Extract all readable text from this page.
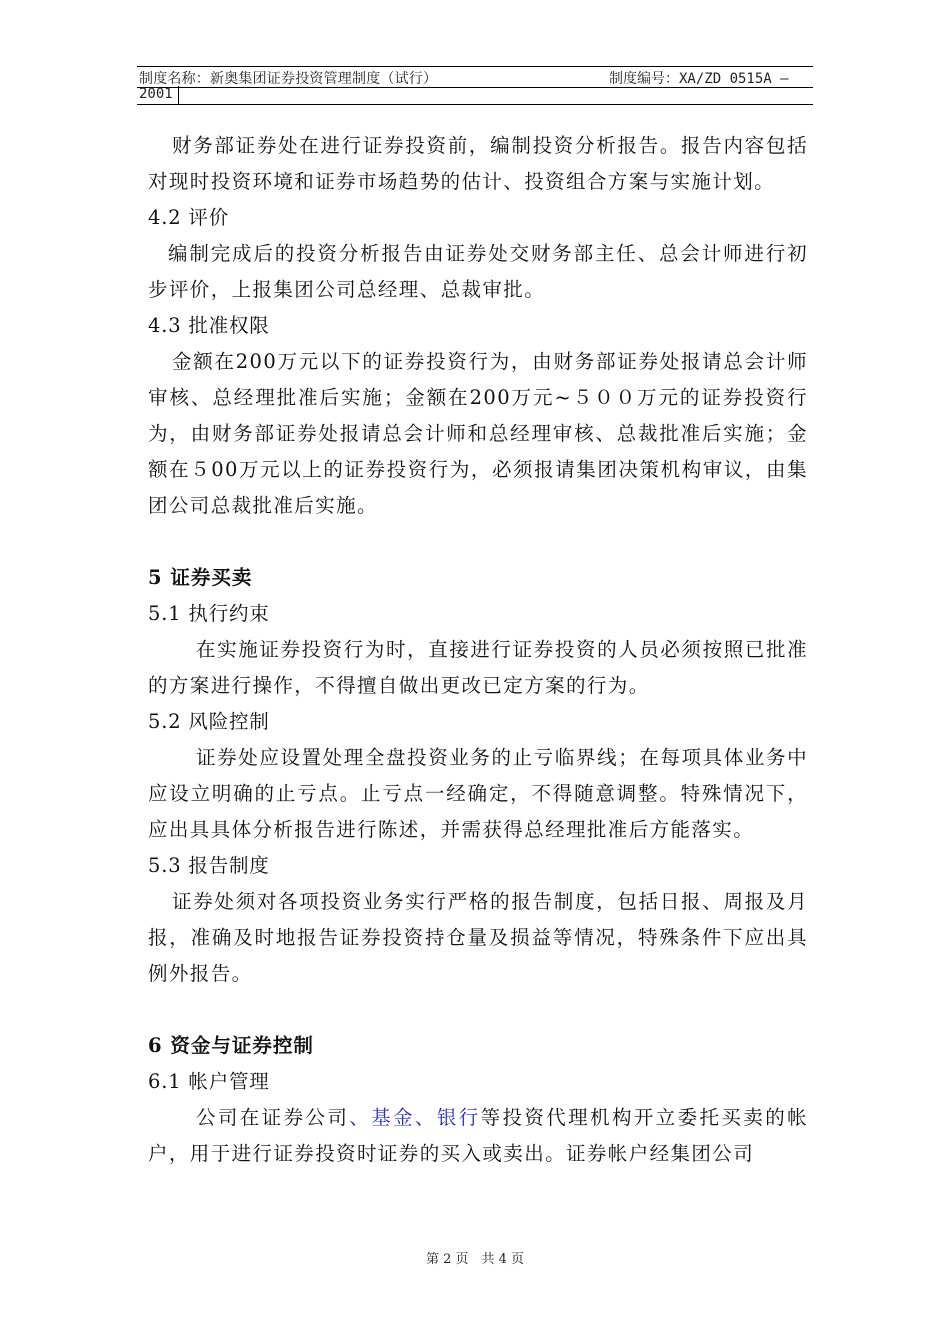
制度名称：新奥集团证券投资管理制度（试行）	制度编号：XA/ZD 0515A —
2001

财务部证券处在进行证券投资前，编制投资分析报告。报告内容包括对现时投资环境和证券市场趋势的估计、投资组合方案与实施计划。

4.2 评价

编制完成后的投资分析报告由证券处交财务部主任、总会计师进行初步评价，上报集团公司总经理、总裁审批。

4.3 批准权限

金额在200万元以下的证券投资行为，由财务部证券处报请总会计师审核、总经理批准后实施；金额在200万元~５００万元的证券投资行为，由财务部证券处报请总会计师和总经理审核、总裁批准后实施；金额在５00万元以上的证券投资行为，必须报请集团决策机构审议，由集团公司总裁批准后实施。

5 证券买卖

5.1 执行约束

在实施证券投资行为时，直接进行证券投资的人员必须按照已批准的方案进行操作，不得擅自做出更改已定方案的行为。

5.2 风险控制

证券处应设置处理全盘投资业务的止亏临界线；在每项具体业务中应设立明确的止亏点。止亏点一经确定，不得随意调整。特殊情况下，应出具具体分析报告进行陈述，并需获得总经理批准后方能落实。

5.3 报告制度

证券处须对各项投资业务实行严格的报告制度，包括日报、周报及月报，准确及时地报告证券投资持仓量及损益等情况，特殊条件下应出具例外报告。

6 资金与证券控制

6.1 帐户管理

公司在证券公司、基金、银行等投资代理机构开立委托买卖的帐户，用于进行证券投资时证券的买入或卖出。证券帐户经集团公司

第 2 页　共 4 页
